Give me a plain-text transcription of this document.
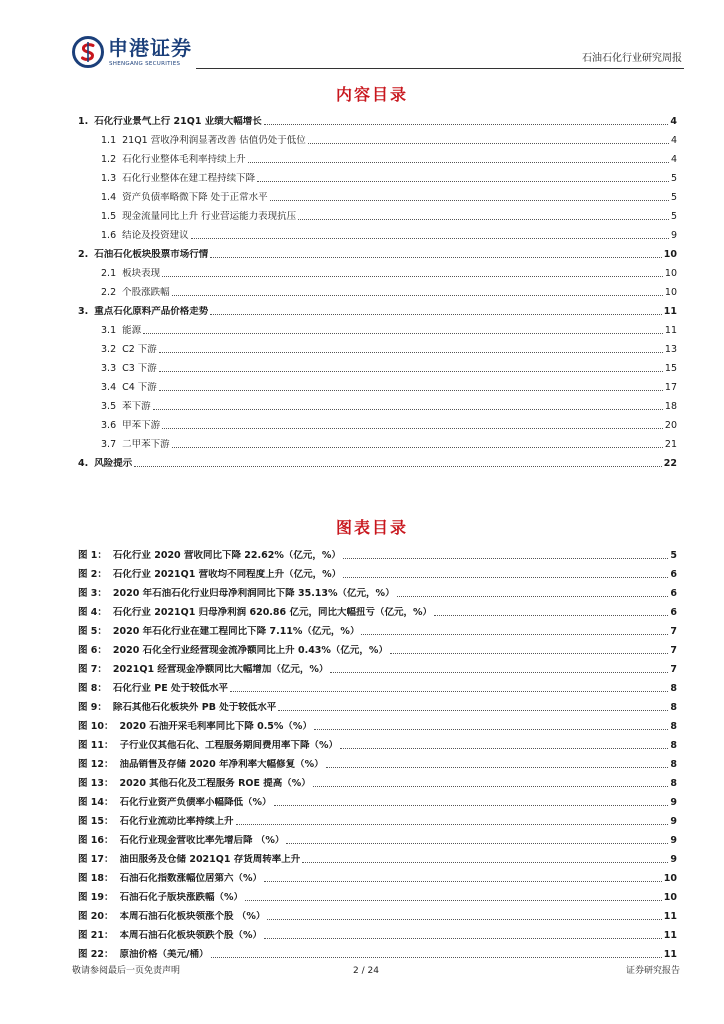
申港证券
SHENGANG SECURITIES	石油石化行业研究周报
内容目录
1. 石化行业景气上行 21Q1 业绩大幅增长	4
1.1 21Q1 营收净利润显著改善 估值仍处于低位	4
1.2 石化行业整体毛利率持续上升	4
1.3 石化行业整体在建工程持续下降	5
1.4 资产负债率略微下降 处于正常水平	5
1.5 现金流量同比上升 行业营运能力表现抗压	5
1.6 结论及投资建议	9
2. 石油石化板块股票市场行情	10
2.1 板块表现	10
2.2 个股涨跌幅	10
3. 重点石化原料产品价格走势	11
3.1 能源	11
3.2 C2 下游	13
3.3 C3 下游	15
3.4 C4 下游	17
3.5 苯下游	18
3.6 甲苯下游	20
3.7 二甲苯下游	21
4. 风险提示	22
图表目录
图 1： 石化行业 2020 营收同比下降 22.62%（亿元，%）	5
图 2： 石化行业 2021Q1 营收均不同程度上升（亿元，%）	6
图 3： 2020 年石油石化行业归母净利润同比下降 35.13%（亿元，%）	6
图 4： 石化行业 2021Q1 归母净利润 620.86 亿元，同比大幅扭亏（亿元，%）	6
图 5： 2020 年石化行业在建工程同比下降 7.11%（亿元，%）	7
图 6： 2020 石化全行业经营现金流净额同比上升 0.43%（亿元，%）	7
图 7： 2021Q1 经营现金净额同比大幅增加（亿元，%）	7
图 8： 石化行业 PE 处于较低水平	8
图 9： 除石其他石化板块外 PB 处于较低水平	8
图 10： 2020 石油开采毛利率同比下降 0.5%（%）	8
图 11： 子行业仅其他石化、工程服务期间费用率下降（%）	8
图 12： 油品销售及存储 2020 年净利率大幅修复（%）	8
图 13： 2020 其他石化及工程服务 ROE 提高（%）	8
图 14： 石化行业资产负债率小幅降低（%）	9
图 15： 石化行业流动比率持续上升	9
图 16： 石化行业现金营收比率先增后降 （%）	9
图 17： 油田服务及仓储 2021Q1 存货周转率上升	9
图 18： 石油石化指数涨幅位居第六（%）	10
图 19： 石油石化子版块涨跌幅（%）	10
图 20： 本周石油石化板块领涨个股 （%）	11
图 21： 本周石油石化板块领跌个股（%）	11
图 22： 原油价格（美元/桶）	11
敬请参阅最后一页免责声明	2 / 24	证券研究报告
